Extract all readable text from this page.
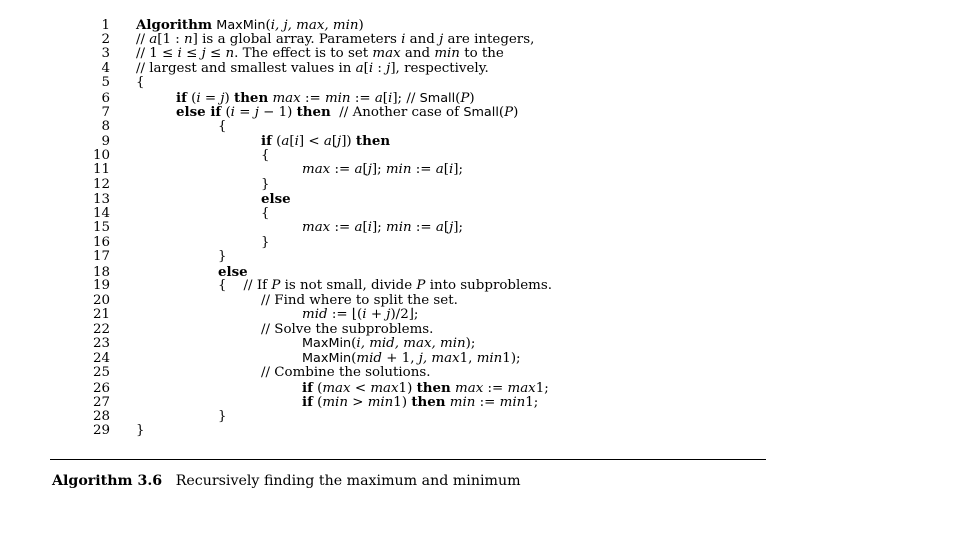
1 Algorithm MaxMin(i, j, max, min)
2 // a[1 : n] is a global array. Parameters i and j are integers,
3 // 1 ≤ i ≤ j ≤ n. The effect is to set max and min to the
4 // largest and smallest values in a[i : j], respectively.
5 {
6	if (i = j) then max := min := a[i]; // Small(P)
7	else if (i = j − 1) then  // Another case of Small(P)
8	{
9	if (a[i] < a[j]) then
10	{
11	max := a[j]; min := a[i];
12	}
13	else
14	{
15	max := a[i]; min := a[j];
16	}
17	}
18	else
19	{    // If P is not small, divide P into subproblems.
20	// Find where to split the set.
21	mid := ⌊(i + j)/2⌋;
22	// Solve the subproblems.
23	MaxMin(i, mid, max, min);
24	MaxMin(mid + 1, j, max1, min1);
25	// Combine the solutions.
26	if (max < max1) then max := max1;
27	if (min > min1) then min := min1;
28	}
29 }
Algorithm 3.6 Recursively finding the maximum and minimum
